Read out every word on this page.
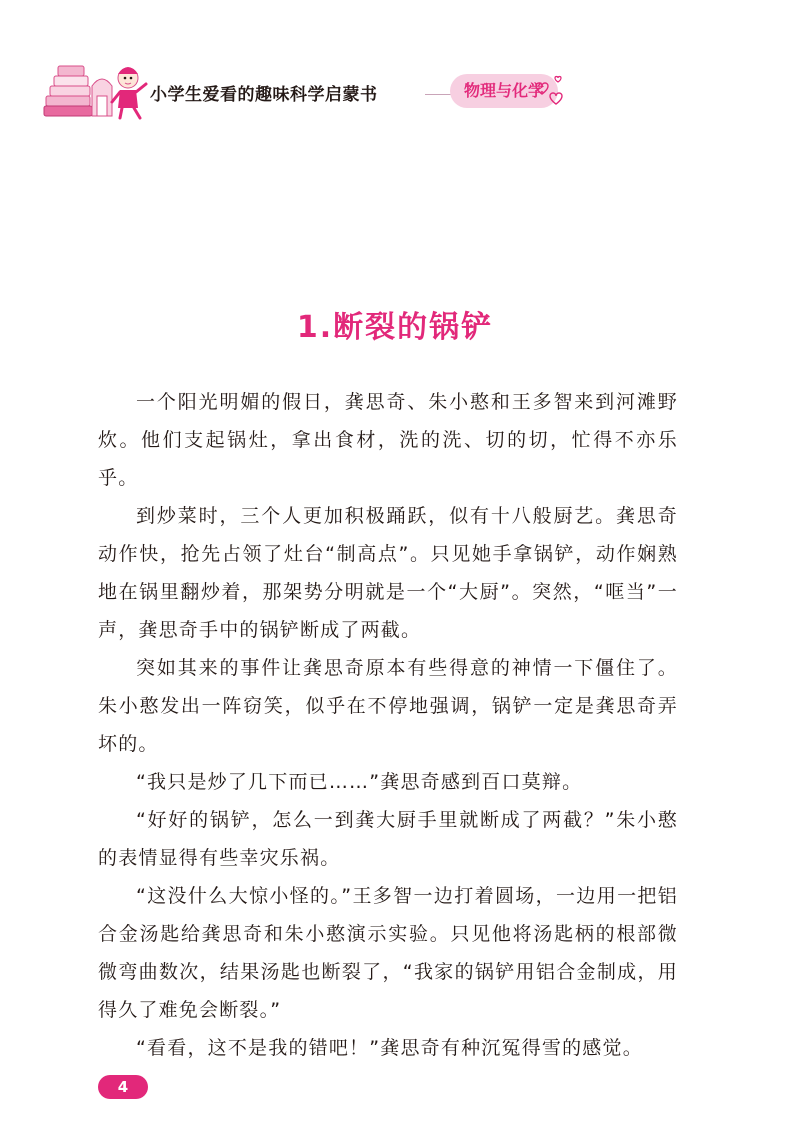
小学生爱看的趣味科学启蒙书	物理与化学
1.断裂的锅铲

一个阳光明媚的假日，龚思奇、朱小憨和王多智来到河滩野炊。他们支起锅灶，拿出食材，洗的洗、切的切，忙得不亦乐乎。

到炒菜时，三个人更加积极踊跃，似有十八般厨艺。龚思奇动作快，抢先占领了灶台“制高点”。只见她手拿锅铲，动作娴熟地在锅里翻炒着，那架势分明就是一个“大厨”。突然，“哐当”一声，龚思奇手中的锅铲断成了两截。

突如其来的事件让龚思奇原本有些得意的神情一下僵住了。朱小憨发出一阵窃笑，似乎在不停地强调，锅铲一定是龚思奇弄坏的。

“我只是炒了几下而已……”龚思奇感到百口莫辩。

“好好的锅铲，怎么一到龚大厨手里就断成了两截？”朱小憨的表情显得有些幸灾乐祸。

“这没什么大惊小怪的。”王多智一边打着圆场，一边用一把铝合金汤匙给龚思奇和朱小憨演示实验。只见他将汤匙柄的根部微微弯曲数次，结果汤匙也断裂了，“我家的锅铲用铝合金制成，用得久了难免会断裂。”

“看看，这不是我的错吧！”龚思奇有种沉冤得雪的感觉。

4
